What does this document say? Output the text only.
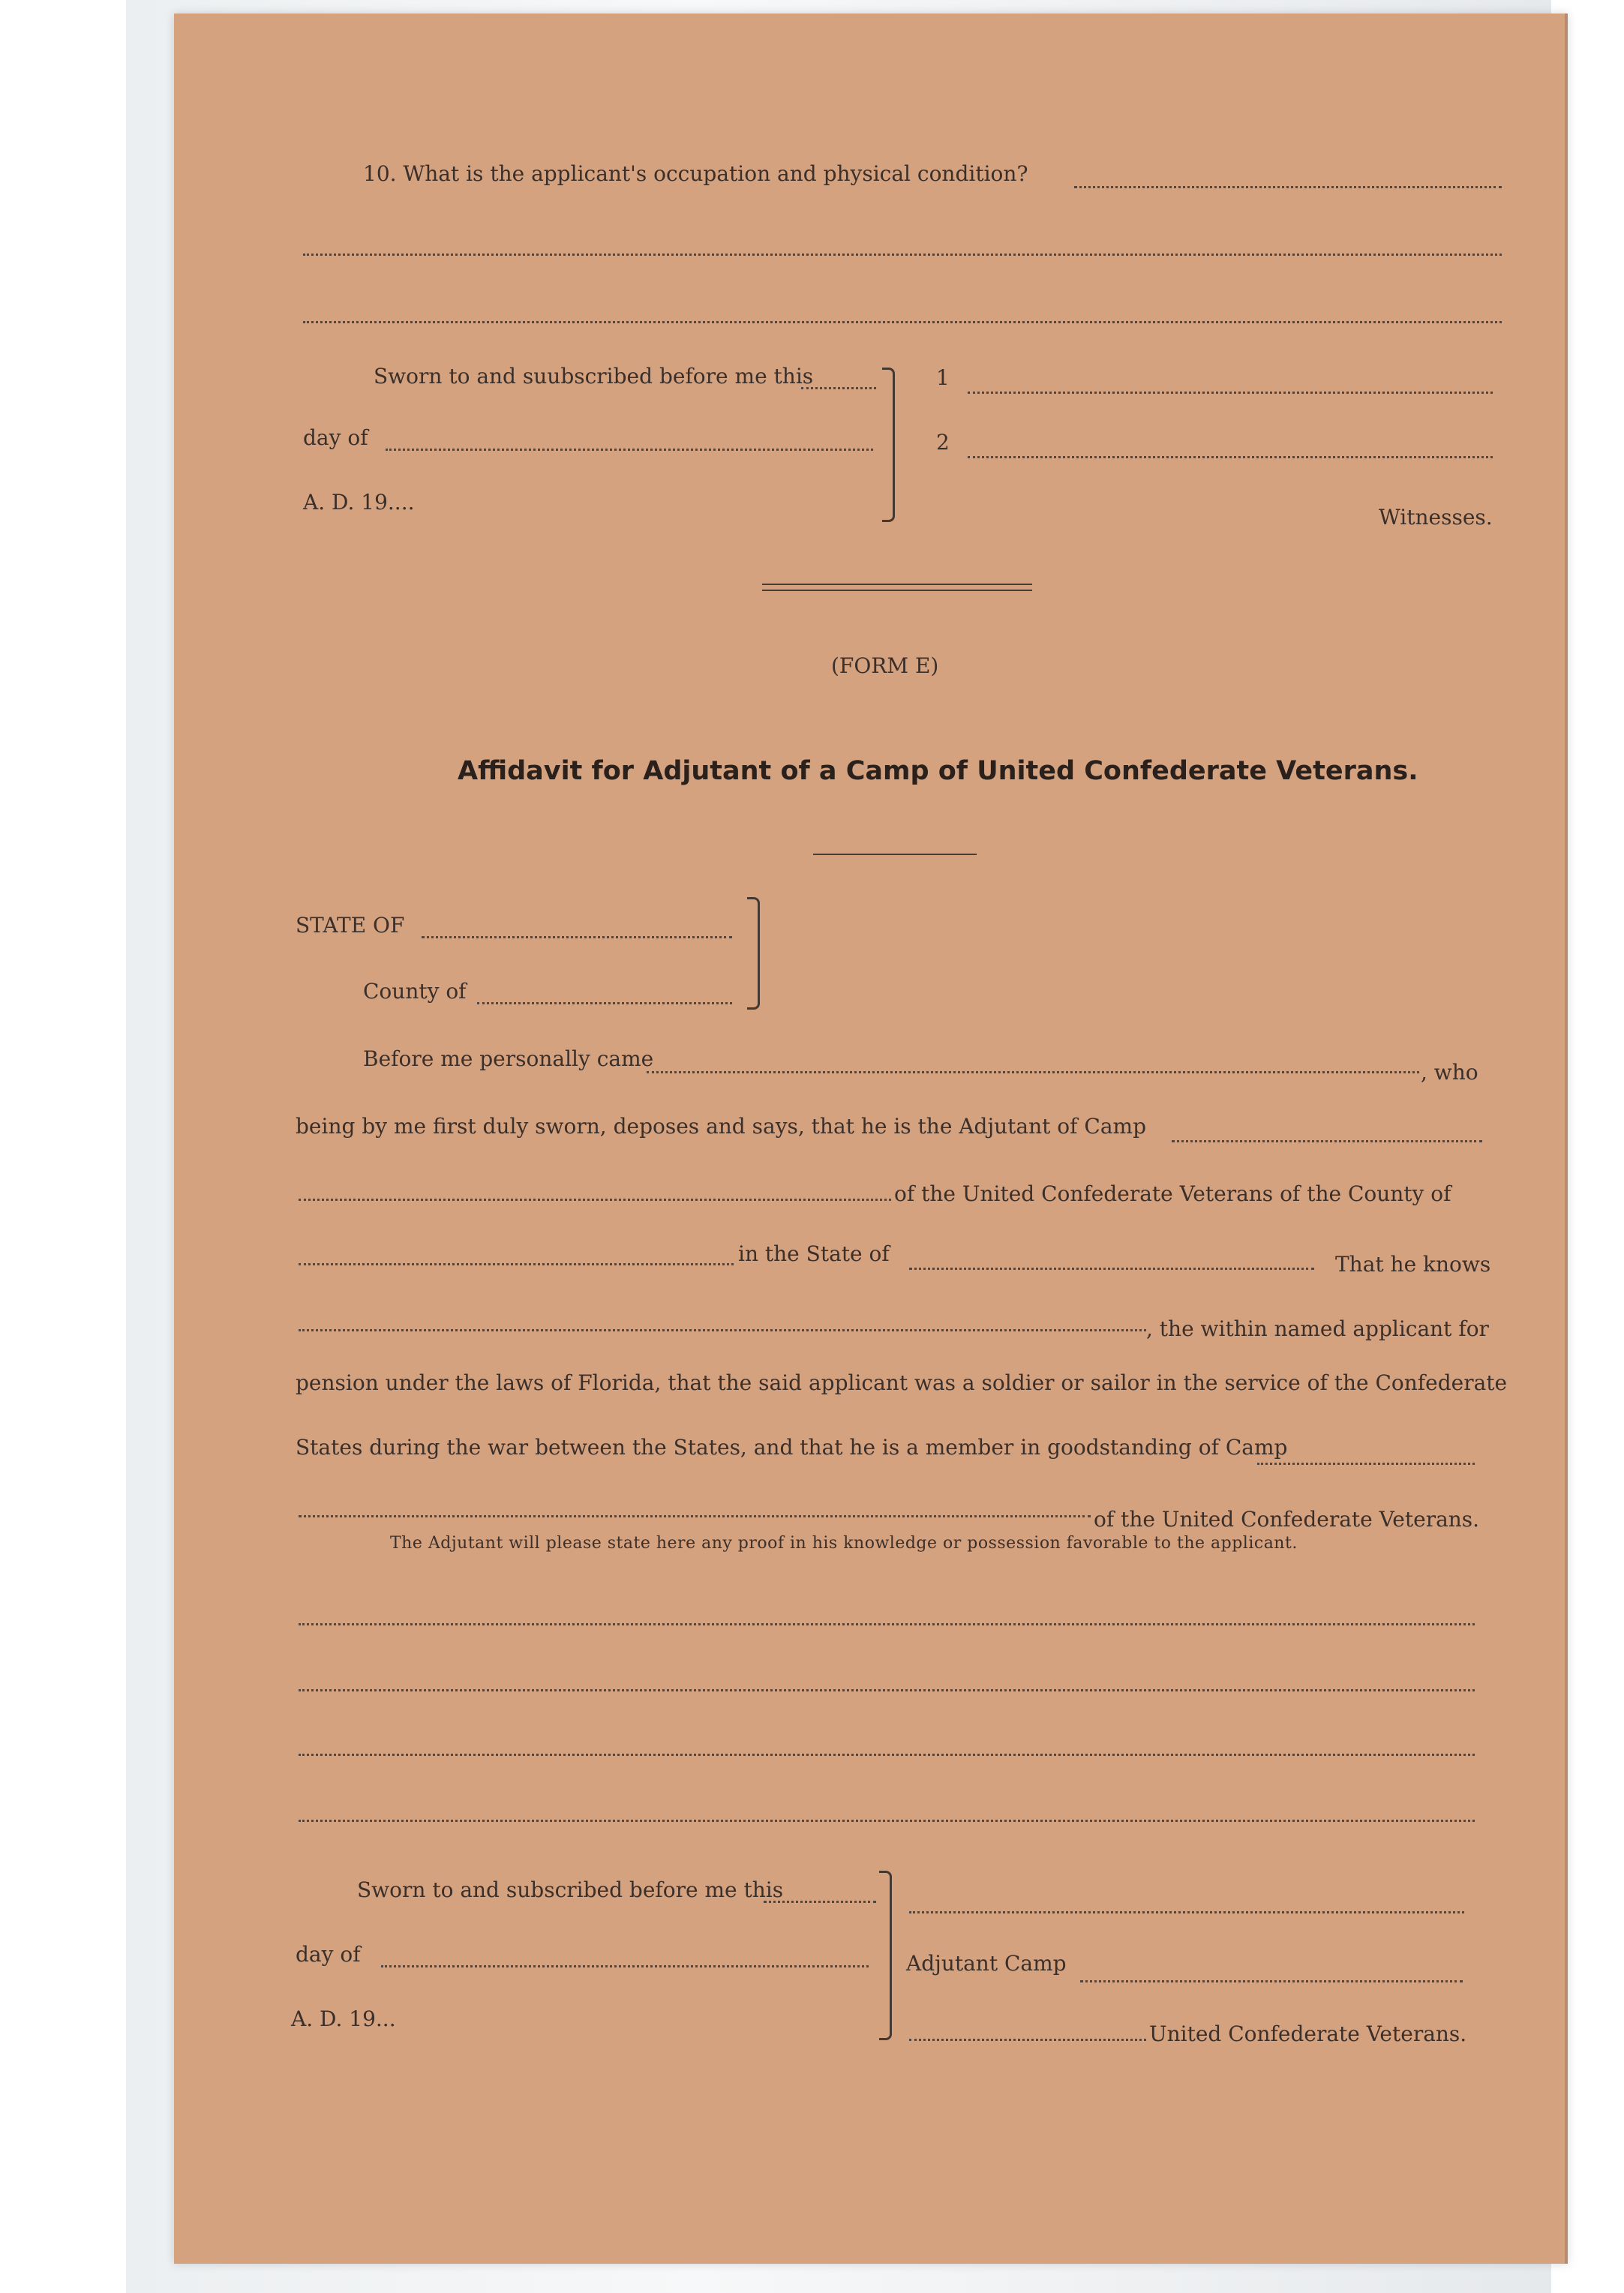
10. What is the applicant's occupation and physical condition?
Sworn to and suubscribed before me this
day of
A. D. 19....
1
2
Witnesses.
(FORM E)
Affidavit for Adjutant of a Camp of United Confederate Veterans.
STATE OF
County of
Before me personally came
, who
being by me first duly sworn, deposes and says, that he is the Adjutant of Camp
of the United Confederate Veterans of the County of
in the State of	That he knows
, the within named applicant for
pension under the laws of Florida, that the said applicant was a soldier or sailor in the service of the Confederate
States during the war between the States, and that he is a member in goodstanding of Camp
of the United Confederate Veterans.
The Adjutant will please state here any proof in his knowledge or possession favorable to the applicant.
Sworn to and subscribed before me this
day of
A. D. 19...
Adjutant Camp
United Confederate Veterans.
